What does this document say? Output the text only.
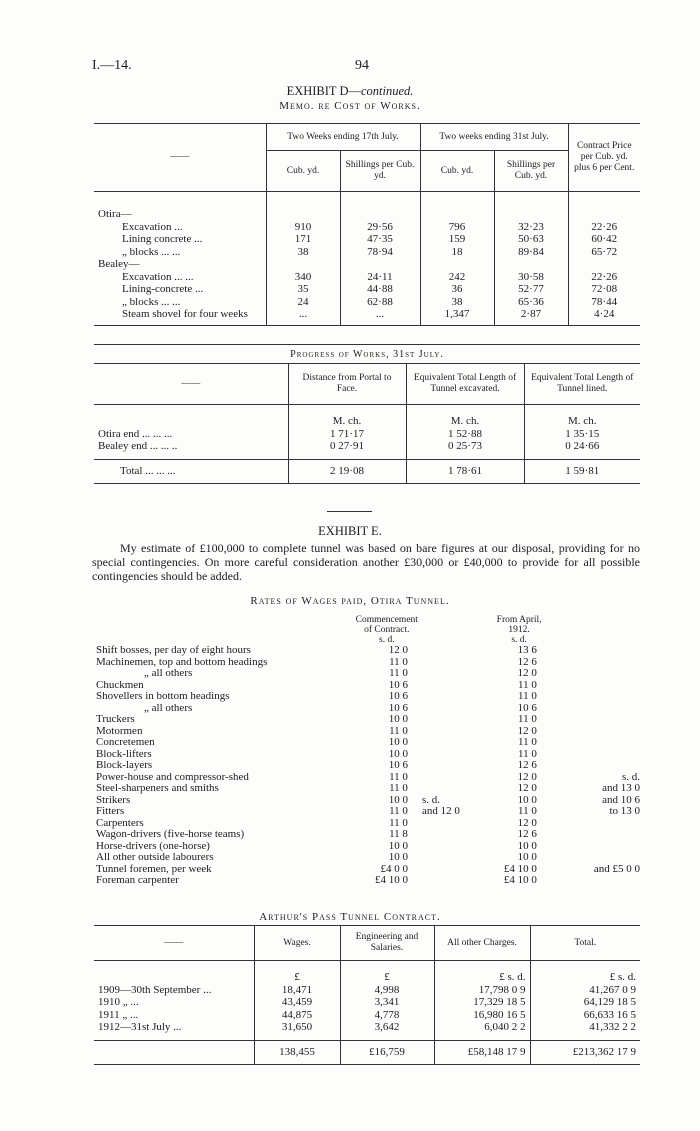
I.—14.	94
EXHIBIT D—continued.
Memo. re Cost of Works.
——	Two Weeks ending 17th July.		Two weeks ending 31st July.		Contract Price per Cub. yd. plus 6 per Cent.
	Cub. yd.	Shillings per Cub. yd.	Cub. yd.	Shillings per Cub. yd.	

Otira—					
Excavation ...	910	29·56	796	32·23	22·26
Lining concrete ...	171	47·35	159	50·63	60·42
„ blocks ... ...	38	78·94	18	89·84	65·72
Bealey—					
Excavation ... ...	340	24·11	242	30·58	22·26
Lining-concrete ...	35	44·88	36	52·77	72·08
„ blocks ... ...	24	62·88	38	65·36	78·44
Steam shovel for four weeks	...	...	1,347	2·87	4·24

Progress of Works, 31st July.			
——	Distance from Portal to Face.	Equivalent Total Length of Tunnel excavated.	Equivalent Total Length of Tunnel lined.

	M. ch.	M. ch.	M. ch.
Otira end ... ... ...	1 71·17	1 52·88	1 35·15
Bealey end ... ... ..	0 27·91	0 25·73	0 24·66

Total ... ... ...	2 19·08	1 78·61	1 59·81
EXHIBIT E.
My estimate of £100,000 to complete tunnel was based on bare figures at our disposal, providing for no special contingencies. On more careful consideration another £30,000 or £40,000 to provide for all possible contingencies should be added.
Rates of Wages paid, Otira Tunnel.
	Commencement of Contract.		From April, 1912.	
	s. d.		s. d.	
Shift bosses, per day of eight hours	12 0		13 6	
Machinemen, top and bottom headings	11 0		12 6	
„ all others	11 0		12 0	
Chuckmen	10 6		11 0	
Shovellers in bottom headings	10 6		11 0	
„ all others	10 6		10 6	
Truckers	10 0		11 0	
Motormen	11 0		12 0	
Concretemen	10 0		11 0	
Block-lifters	10 0		11 0	
Block-layers	10 6		12 6	
Power-house and compressor-shed	11 0		12 0	s. d.
Steel-sharpeners and smiths	11 0		12 0	and 13 0
Strikers	10 0	s. d.	10 0	and 10 6
Fitters	11 0	and 12 0	11 0	to 13 0
Carpenters	11 0		12 0	
Wagon-drivers (five-horse teams)	11 8		12 6	
Horse-drivers (one-horse)	10 0		10 0	
All other outside labourers	10 0		10 0	
Tunnel foremen, per week	£4 0 0		£4 10 0	and £5 0 0
Foreman carpenter	£4 10 0		£4 10 0	
Arthur's Pass Tunnel Contract.
——	Wages.	Engineering and Salaries.	All other Charges.	Total.

	£	£	£ s. d.	£ s. d.
1909—30th September ...	18,471	4,998	17,798 0 9	41,267 0 9
1910 „ ...	43,459	3,341	17,329 18 5	64,129 18 5
1911 „ ...	44,875	4,778	16,980 16 5	66,633 16 5
1912—31st July ...	31,650	3,642	6,040 2 2	41,332 2 2

	138,455	£16,759	£58,148 17 9	£213,362 17 9
